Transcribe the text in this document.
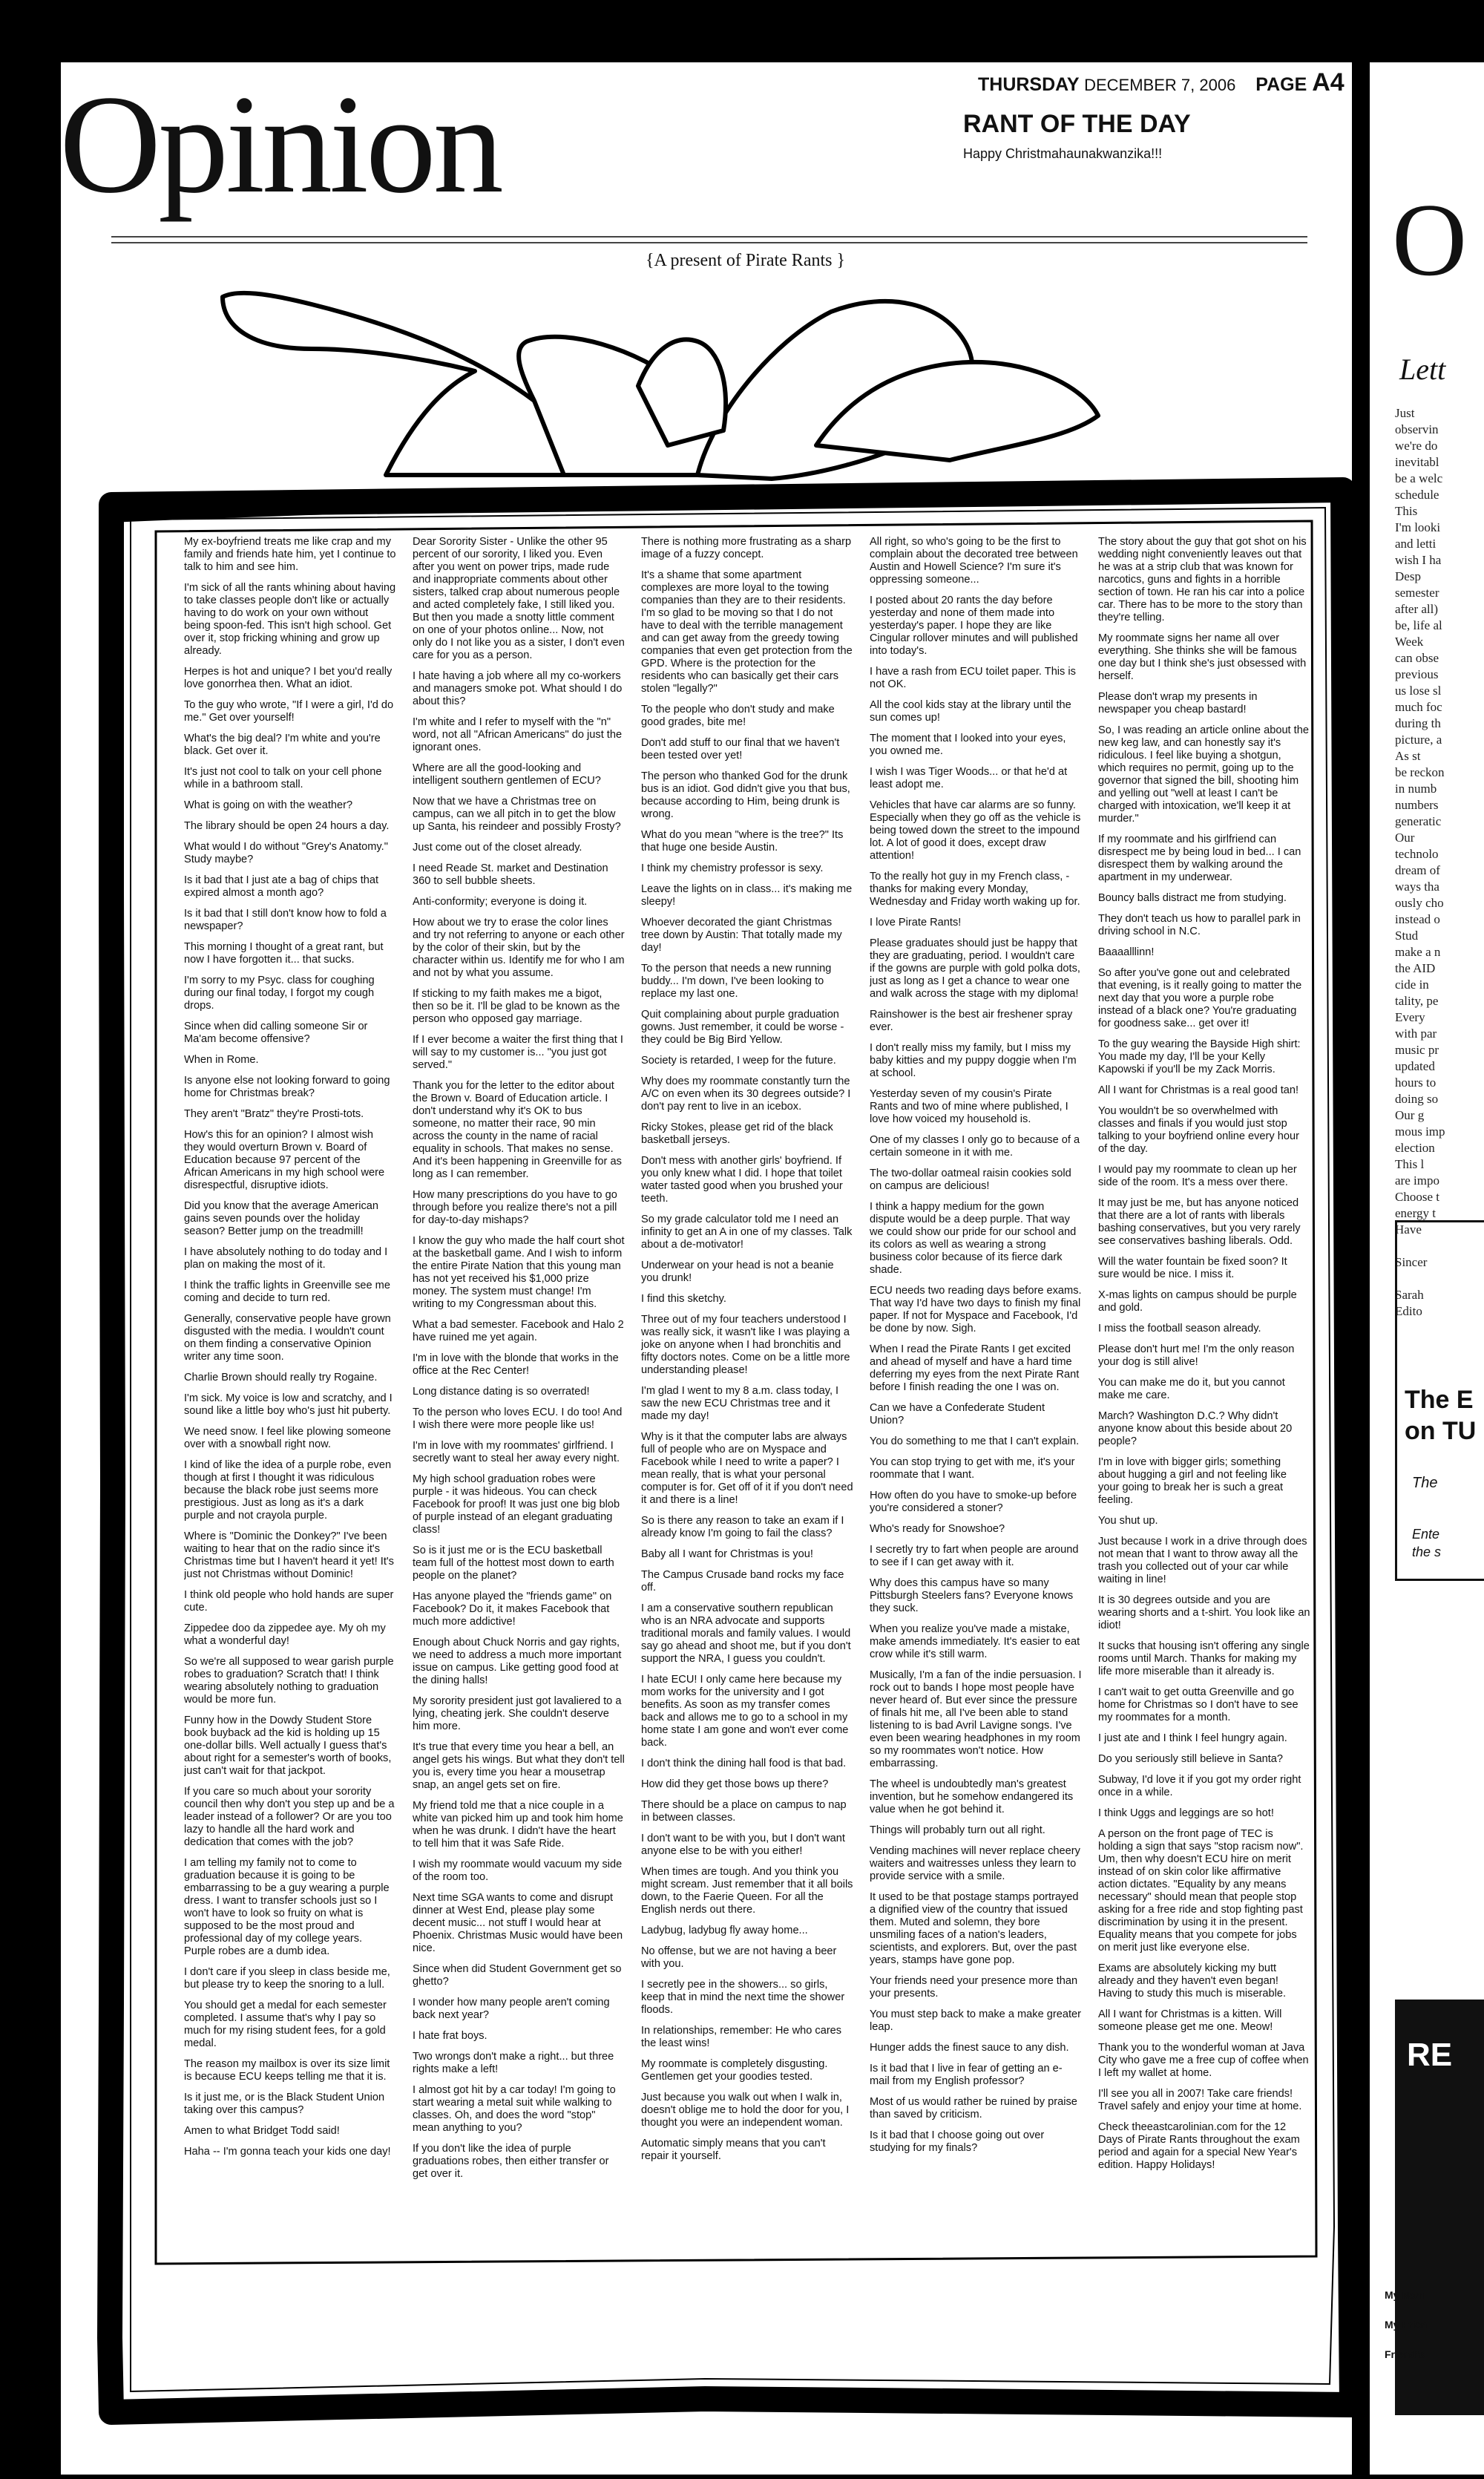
Opinion	THURSDAY DECEMBER 7, 2006 PAGE A4
RANT OF THE DAY
Happy Christmahaunakwanzika!!!
{A present of Pirate Rants }

My ex-boyfriend treats me like crap and my family and friends hate him, yet I continue to talk to him and see him.

I'm sick of all the rants whining about having to take classes people don't like or actually having to do work on your own without being spoon-fed. This isn't high school. Get over it, stop fricking whining and grow up already.

Herpes is hot and unique? I bet you'd really love gonorrhea then. What an idiot.

To the guy who wrote, "If I were a girl, I'd do me." Get over yourself!

What's the big deal? I'm white and you're black. Get over it.

It's just not cool to talk on your cell phone while in a bathroom stall.

What is going on with the weather?

The library should be open 24 hours a day.

What would I do without "Grey's Anatomy." Study maybe?

Is it bad that I just ate a bag of chips that expired almost a month ago?

Is it bad that I still don't know how to fold a newspaper?

This morning I thought of a great rant, but now I have forgotten it... that sucks.

I'm sorry to my Psyc. class for coughing during our final today, I forgot my cough drops.

Since when did calling someone Sir or Ma'am become offensive?

When in Rome.

Is anyone else not looking forward to going home for Christmas break?

They aren't "Bratz" they're Prosti-tots.

How's this for an opinion? I almost wish they would overturn Brown v. Board of Education because 97 percent of the African Americans in my high school were disrespectful, disruptive idiots.

Did you know that the average American gains seven pounds over the holiday season? Better jump on the treadmill!

I have absolutely nothing to do today and I plan on making the most of it.

I think the traffic lights in Greenville see me coming and decide to turn red.

Generally, conservative people have grown disgusted with the media. I wouldn't count on them finding a conservative Opinion writer any time soon.

Charlie Brown should really try Rogaine.

I'm sick. My voice is low and scratchy, and I sound like a little boy who's just hit puberty.

We need snow. I feel like plowing someone over with a snowball right now.

I kind of like the idea of a purple robe, even though at first I thought it was ridiculous because the black robe just seems more prestigious. Just as long as it's a dark purple and not crayola purple.

Where is "Dominic the Donkey?" I've been waiting to hear that on the radio since it's Christmas time but I haven't heard it yet! It's just not Christmas without Dominic!

I think old people who hold hands are super cute.

Zippedee doo da zippedee aye. My oh my what a wonderful day!

So we're all supposed to wear garish purple robes to graduation? Scratch that! I think wearing absolutely nothing to graduation would be more fun.

Funny how in the Dowdy Student Store book buyback ad the kid is holding up 15 one-dollar bills. Well actually I guess that's about right for a semester's worth of books, just can't wait for that jackpot.

If you care so much about your sorority council then why don't you step up and be a leader instead of a follower? Or are you too lazy to handle all the hard work and dedication that comes with the job?

I am telling my family not to come to graduation because it is going to be embarrassing to be a guy wearing a purple dress. I want to transfer schools just so I won't have to look so fruity on what is supposed to be the most proud and professional day of my college years. Purple robes are a dumb idea.

I don't care if you sleep in class beside me, but please try to keep the snoring to a lull.

You should get a medal for each semester completed. I assume that's why I pay so much for my rising student fees, for a gold medal.

The reason my mailbox is over its size limit is because ECU keeps telling me that it is.

Is it just me, or is the Black Student Union taking over this campus?

Amen to what Bridget Todd said!

Haha -- I'm gonna teach your kids one day!

Dear Sorority Sister - Unlike the other 95 percent of our sorority, I liked you. Even after you went on power trips, made rude and inappropriate comments about other sisters, talked crap about numerous people and acted completely fake, I still liked you. But then you made a snotty little comment on one of your photos online... Now, not only do I not like you as a sister, I don't even care for you as a person.

I hate having a job where all my co-workers and managers smoke pot. What should I do about this?

I'm white and I refer to myself with the "n" word, not all "African Americans" do just the ignorant ones.

Where are all the good-looking and intelligent southern gentlemen of ECU?

Now that we have a Christmas tree on campus, can we all pitch in to get the blow up Santa, his reindeer and possibly Frosty?

Just come out of the closet already.

I need Reade St. market and Destination 360 to sell bubble sheets.

Anti-conformity; everyone is doing it.

How about we try to erase the color lines and try not referring to anyone or each other by the color of their skin, but by the character within us. Identify me for who I am and not by what you assume.

If sticking to my faith makes me a bigot, then so be it. I'll be glad to be known as the person who opposed gay marriage.

If I ever become a waiter the first thing that I will say to my customer is... "you just got served."

Thank you for the letter to the editor about the Brown v. Board of Education article. I don't understand why it's OK to bus someone, no matter their race, 90 min across the county in the name of racial equality in schools. That makes no sense. And it's been happening in Greenville for as long as I can remember.

How many prescriptions do you have to go through before you realize there's not a pill for day-to-day mishaps?

I know the guy who made the half court shot at the basketball game. And I wish to inform the entire Pirate Nation that this young man has not yet received his $1,000 prize money. The system must change! I'm writing to my Congressman about this.

What a bad semester. Facebook and Halo 2 have ruined me yet again.

I'm in love with the blonde that works in the office at the Rec Center!

Long distance dating is so overrated!

To the person who loves ECU. I do too! And I wish there were more people like us!

I'm in love with my roommates' girlfriend. I secretly want to steal her away every night.

My high school graduation robes were purple - it was hideous. You can check Facebook for proof! It was just one big blob of purple instead of an elegant graduating class!

So is it just me or is the ECU basketball team full of the hottest most down to earth people on the planet?

Has anyone played the "friends game" on Facebook? Do it, it makes Facebook that much more addictive!

Enough about Chuck Norris and gay rights, we need to address a much more important issue on campus. Like getting good food at the dining halls!

My sorority president just got lavaliered to a lying, cheating jerk. She couldn't deserve him more.

It's true that every time you hear a bell, an angel gets his wings. But what they don't tell you is, every time you hear a mousetrap snap, an angel gets set on fire.

My friend told me that a nice couple in a white van picked him up and took him home when he was drunk. I didn't have the heart to tell him that it was Safe Ride.

I wish my roommate would vacuum my side of the room too.

Next time SGA wants to come and disrupt dinner at West End, please play some decent music... not stuff I would hear at Phoenix. Christmas Music would have been nice.

Since when did Student Government get so ghetto?

I wonder how many people aren't coming back next year?

I hate frat boys.

Two wrongs don't make a right... but three rights make a left!

I almost got hit by a car today! I'm going to start wearing a metal suit while walking to classes. Oh, and does the word "stop" mean anything to you?

If you don't like the idea of purple graduations robes, then either transfer or get over it.

There is nothing more frustrating as a sharp image of a fuzzy concept.

It's a shame that some apartment complexes are more loyal to the towing companies than they are to their residents. I'm so glad to be moving so that I do not have to deal with the terrible management and can get away from the greedy towing companies that even get protection from the GPD. Where is the protection for the residents who can basically get their cars stolen "legally?"

To the people who don't study and make good grades, bite me!

Don't add stuff to our final that we haven't been tested over yet!

The person who thanked God for the drunk bus is an idiot. God didn't give you that bus, because according to Him, being drunk is wrong.

What do you mean "where is the tree?" Its that huge one beside Austin.

I think my chemistry professor is sexy.

Leave the lights on in class... it's making me sleepy!

Whoever decorated the giant Christmas tree down by Austin: That totally made my day!

To the person that needs a new running buddy... I'm down, I've been looking to replace my last one.

Quit complaining about purple graduation gowns. Just remember, it could be worse - they could be Big Bird Yellow.

Society is retarded, I weep for the future.

Why does my roommate constantly turn the A/C on even when its 30 degrees outside? I don't pay rent to live in an icebox.

Ricky Stokes, please get rid of the black basketball jerseys.

Don't mess with another girls' boyfriend. If you only knew what I did. I hope that toilet water tasted good when you brushed your teeth.

So my grade calculator told me I need an infinity to get an A in one of my classes. Talk about a de-motivator!

Underwear on your head is not a beanie you drunk!

I find this sketchy.

Three out of my four teachers understood I was really sick, it wasn't like I was playing a joke on anyone when I had bronchitis and fifty doctors notes. Come on be a little more understanding please!

I'm glad I went to my 8 a.m. class today, I saw the new ECU Christmas tree and it made my day!

Why is it that the computer labs are always full of people who are on Myspace and Facebook while I need to write a paper? I mean really, that is what your personal computer is for. Get off of it if you don't need it and there is a line!

So is there any reason to take an exam if I already know I'm going to fail the class?

Baby all I want for Christmas is you!

The Campus Crusade band rocks my face off.

I am a conservative southern republican who is an NRA advocate and supports traditional morals and family values. I would say go ahead and shoot me, but if you don't support the NRA, I guess you couldn't.

I hate ECU! I only came here because my mom works for the university and I got benefits. As soon as my transfer comes back and allows me to go to a school in my home state I am gone and won't ever come back.

I don't think the dining hall food is that bad.

How did they get those bows up there?

There should be a place on campus to nap in between classes.

I don't want to be with you, but I don't want anyone else to be with you either!

When times are tough. And you think you might scream. Just remember that it all boils down, to the Faerie Queen. For all the English nerds out there.

Ladybug, ladybug fly away home...

No offense, but we are not having a beer with you.

I secretly pee in the showers... so girls, keep that in mind the next time the shower floods.

In relationships, remember: He who cares the least wins!

My roommate is completely disgusting. Gentlemen get your goodies tested.

Just because you walk out when I walk in, doesn't oblige me to hold the door for you, I thought you were an independent woman.

Automatic simply means that you can't repair it yourself.

All right, so who's going to be the first to complain about the decorated tree between Austin and Howell Science? I'm sure it's oppressing someone...

I posted about 20 rants the day before yesterday and none of them made into yesterday's paper. I hope they are like Cingular rollover minutes and will published into today's.

I have a rash from ECU toilet paper. This is not OK.

All the cool kids stay at the library until the sun comes up!

The moment that I looked into your eyes, you owned me.

I wish I was Tiger Woods... or that he'd at least adopt me.

Vehicles that have car alarms are so funny. Especially when they go off as the vehicle is being towed down the street to the impound lot. A lot of good it does, except draw attention!

To the really hot guy in my French class, - thanks for making every Monday, Wednesday and Friday worth waking up for.

I love Pirate Rants!

Please graduates should just be happy that they are graduating, period. I wouldn't care if the gowns are purple with gold polka dots, just as long as I get a chance to wear one and walk across the stage with my diploma!

Rainshower is the best air freshener spray ever.

I don't really miss my family, but I miss my baby kitties and my puppy doggie when I'm at school.

Yesterday seven of my cousin's Pirate Rants and two of mine where published, I love how voiced my household is.

One of my classes I only go to because of a certain someone in it with me.

The two-dollar oatmeal raisin cookies sold on campus are delicious!

I think a happy medium for the gown dispute would be a deep purple. That way we could show our pride for our school and its colors as well as wearing a strong business color because of its fierce dark shade.

ECU needs two reading days before exams. That way I'd have two days to finish my final paper. If not for Myspace and Facebook, I'd be done by now. Sigh.

When I read the Pirate Rants I get excited and ahead of myself and have a hard time deferring my eyes from the next Pirate Rant before I finish reading the one I was on.

Can we have a Confederate Student Union?

You do something to me that I can't explain.

You can stop trying to get with me, it's your roommate that I want.

How often do you have to smoke-up before you're considered a stoner?

Who's ready for Snowshoe?

I secretly try to fart when people are around to see if I can get away with it.

Why does this campus have so many Pittsburgh Steelers fans? Everyone knows they suck.

When you realize you've made a mistake, make amends immediately. It's easier to eat crow while it's still warm.

Musically, I'm a fan of the indie persuasion. I rock out to bands I hope most people have never heard of. But ever since the pressure of finals hit me, all I've been able to stand listening to is bad Avril Lavigne songs. I've even been wearing headphones in my room so my roommates won't notice. How embarrassing.

The wheel is undoubtedly man's greatest invention, but he somehow endangered its value when he got behind it.

Things will probably turn out all right.

Vending machines will never replace cheery waiters and waitresses unless they learn to provide service with a smile.

It used to be that postage stamps portrayed a dignified view of the country that issued them. Muted and solemn, they bore unsmiling faces of a nation's leaders, scientists, and explorers. But, over the past years, stamps have gone pop.

Your friends need your presence more than your presents.

You must step back to make a make greater leap.

Hunger adds the finest sauce to any dish.

Is it bad that I live in fear of getting an e-mail from my English professor?

Most of us would rather be ruined by praise than saved by criticism.

Is it bad that I choose going out over studying for my finals?

The story about the guy that got shot on his wedding night conveniently leaves out that he was at a strip club that was known for narcotics, guns and fights in a horrible section of town. He ran his car into a police car. There has to be more to the story than they're telling.

My roommate signs her name all over everything. She thinks she will be famous one day but I think she's just obsessed with herself.

Please don't wrap my presents in newspaper you cheap bastard!

So, I was reading an article online about the new keg law, and can honestly say it's ridiculous. I feel like buying a shotgun, which requires no permit, going up to the governor that signed the bill, shooting him and yelling out "well at least I can't be charged with intoxication, we'll keep it at murder."

If my roommate and his girlfriend can disrespect me by being loud in bed... I can disrespect them by walking around the apartment in my underwear.

Bouncy balls distract me from studying.

They don't teach us how to parallel park in driving school in N.C.

Baaaalllinn!

So after you've gone out and celebrated that evening, is it really going to matter the next day that you wore a purple robe instead of a black one? You're graduating for goodness sake... get over it!

To the guy wearing the Bayside High shirt: You made my day, I'll be your Kelly Kapowski if you'll be my Zack Morris.

All I want for Christmas is a real good tan!

You wouldn't be so overwhelmed with classes and finals if you would just stop talking to your boyfriend online every hour of the day.

I would pay my roommate to clean up her side of the room. It's a mess over there.

It may just be me, but has anyone noticed that there are a lot of rants with liberals bashing conservatives, but you very rarely see conservatives bashing liberals. Odd.

Will the water fountain be fixed soon? It sure would be nice. I miss it.

X-mas lights on campus should be purple and gold.

I miss the football season already.

Please don't hurt me! I'm the only reason your dog is still alive!

You can make me do it, but you cannot make me care.

March? Washington D.C.? Why didn't anyone know about this beside about 20 people?

I'm in love with bigger girls; something about hugging a girl and not feeling like your going to break her is such a great feeling.

You shut up.

Just because I work in a drive through does not mean that I want to throw away all the trash you collected out of your car while waiting in line!

It is 30 degrees outside and you are wearing shorts and a t-shirt. You look like an idiot!

It sucks that housing isn't offering any single rooms until March. Thanks for making my life more miserable than it already is.

I can't wait to get outta Greenville and go home for Christmas so I don't have to see my roommates for a month.

I just ate and I think I feel hungry again.

Do you seriously still believe in Santa?

Subway, I'd love it if you got my order right once in a while.

I think Uggs and leggings are so hot!

A person on the front page of TEC is holding a sign that says "stop racism now". Um, then why doesn't ECU hire on merit instead of on skin color like affirmative action dictates. "Equality by any means necessary" should mean that people stop asking for a free ride and stop fighting past discrimination by using it in the present. Equality means that you compete for jobs on merit just like everyone else.

Exams are absolutely kicking my butt already and they haven't even began! Having to study this much is miserable.

All I want for Christmas is a kitten. Will someone please get me one. Meow!

Thank you to the wonderful woman at Java City who gave me a free cup of coffee when I left my wallet at home.

I'll see you all in 2007! Take care friends! Travel safely and enjoy your time at home.

Check theeastcarolinian.com for the 12 Days of Pirate Rants throughout the exam period and again for a special New Year's edition. Happy Holidays!

O
Lett

Just

observin

we're do

inevitabl

be a welc

schedule

This

I'm looki

and letti

wish I ha

Desp

semester

after all)

be, life al

Week

can obse

previous

us lose sl

much foc

during th

picture, a

As st

be reckon

in numb

numbers

generatic

Our

technolo

dream of

ways tha

ously cho

instead o

Stud

make a n

the AID

cide in

tality, pe

Every

with par

music pr

updated

hours to

doing so

Our g

mous imp

election

This l

are impo

Choose t

energy t

Have

Sincer

Sarah

Edito

The E
on TU
The
Ente
the s
RE
My Nam
My Frien
Friend's
